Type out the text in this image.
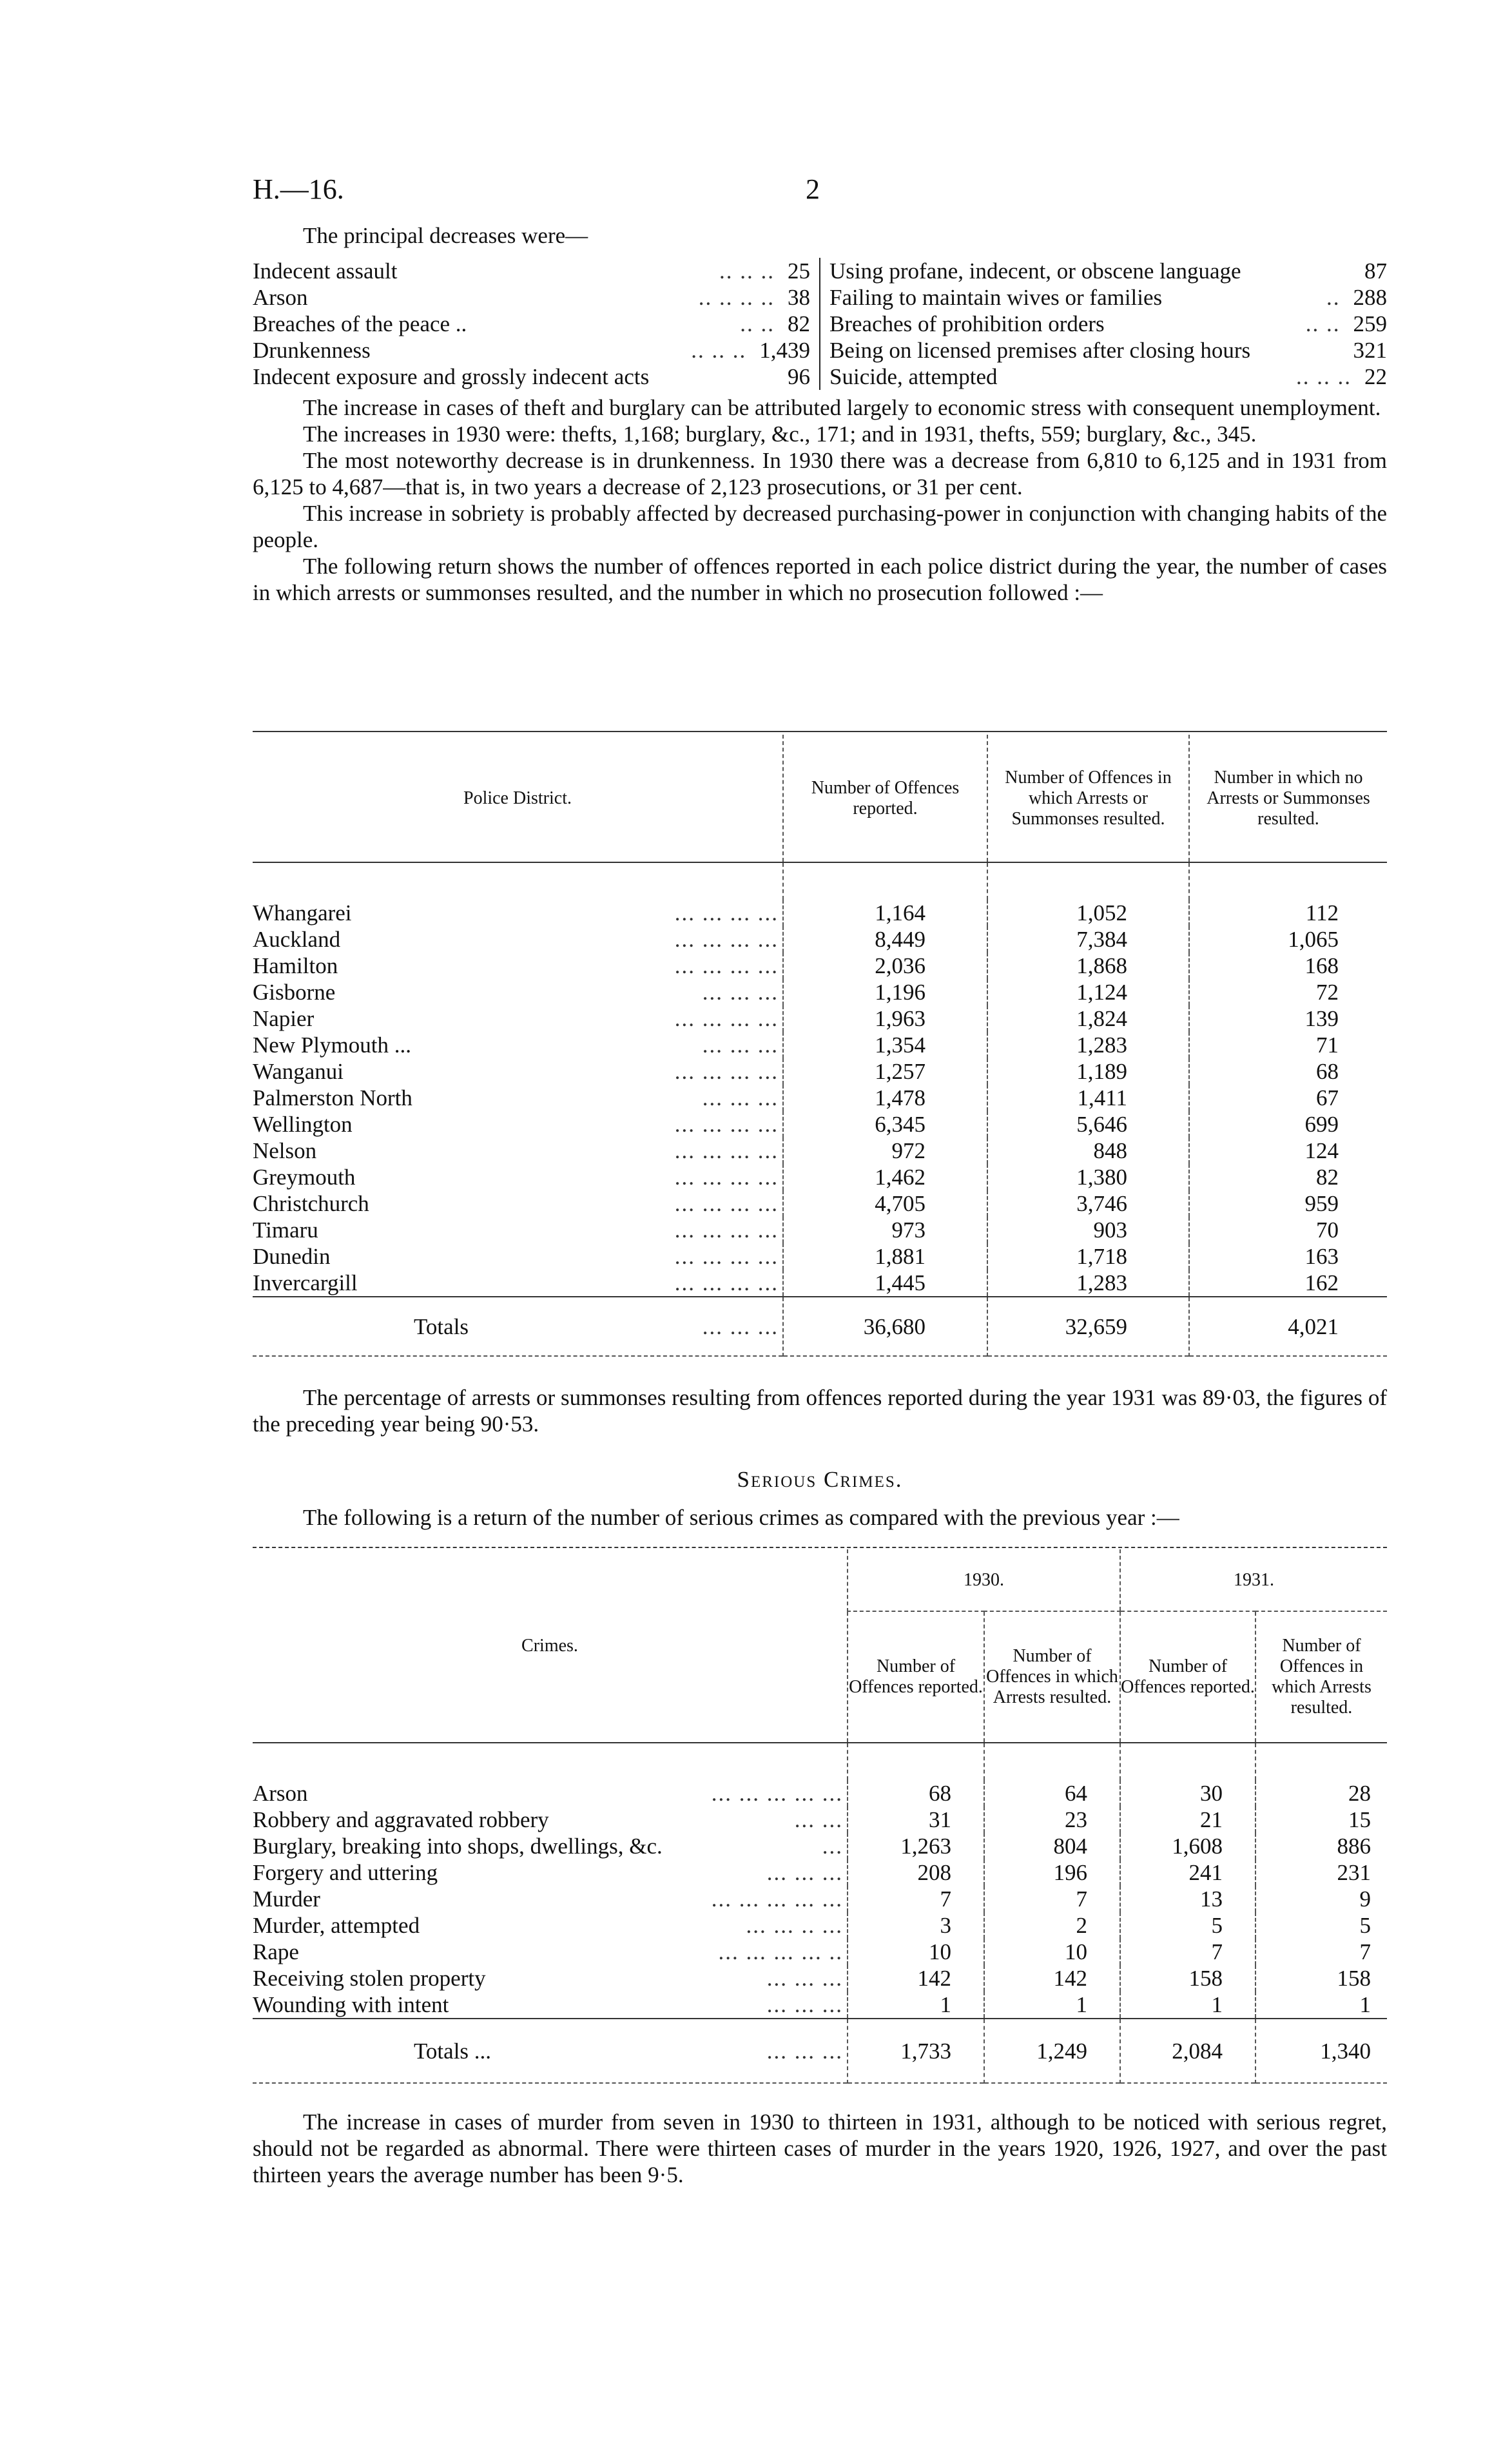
H.—16.	2
The principal decreases were—
Indecent assault	.. .. .. 25
Arson	.. .. .. .. 38
Breaches of the peace ..	.. .. 82
Drunkenness	.. .. .. 1,439
Indecent exposure and grossly indecent acts	96
Using profane, indecent, or obscene language	87
Failing to maintain wives or families	.. 288
Breaches of prohibition orders	.. .. 259
Being on licensed premises after closing hours	321
Suicide, attempted	.. .. .. 22

The increase in cases of theft and burglary can be attributed largely to economic stress with consequent unemployment.

The increases in 1930 were: thefts, 1,168; burglary, &c., 171; and in 1931, thefts, 559; burglary, &c., 345.

The most noteworthy decrease is in drunkenness. In 1930 there was a decrease from 6,810 to 6,125 and in 1931 from 6,125 to 4,687—that is, in two years a decrease of 2,123 prosecutions, or 31 per cent.

This increase in sobriety is probably affected by decreased purchasing-power in conjunction with changing habits of the people.

The following return shows the number of offences reported in each police district during the year, the number of cases in which arrests or summonses resulted, and the number in which no prosecution followed :—

Police District.	Number of Offences reported.	Number of Offences in which Arrests or Summonses resulted.	Number in which no Arrests or Summonses resulted.

Whangarei ... ... ... ...	1,164	1,052	112
Auckland ... ... ... ...	8,449	7,384	1,065
Hamilton ... ... ... ...	2,036	1,868	168
Gisborne ... ... ...	1,196	1,124	72
Napier ... ... ... ...	1,963	1,824	139
New Plymouth ... ... ... ...	1,354	1,283	71
Wanganui ... ... ... ...	1,257	1,189	68
Palmerston North ... ... ...	1,478	1,411	67
Wellington ... ... ... ...	6,345	5,646	699
Nelson ... ... ... ...	972	848	124
Greymouth ... ... ... ...	1,462	1,380	82
Christchurch ... ... ... ...	4,705	3,746	959
Timaru ... ... ... ...	973	903	70
Dunedin ... ... ... ...	1,881	1,718	163
Invercargill ... ... ... ...	1,445	1,283	162
Totals ... ... ...	36,680	32,659	4,021
The percentage of arrests or summonses resulting from offences reported during the year 1931 was 89·03, the figures of the preceding year being 90·53.
Serious Crimes.
The following is a return of the number of serious crimes as compared with the previous year :—
Crimes.	1930.		1931.	
	Number of Offences reported.	Number of Offences in which Arrests resulted.	Number of Offences reported.	Number of Offences in which Arrests resulted.

Arson ... ... ... ... ...	68	64	30	28
Robbery and aggravated robbery ... ...	31	23	21	15
Burglary, breaking into shops, dwellings, &c. ...	1,263	804	1,608	886
Forgery and uttering ... ... ...	208	196	241	231
Murder ... ... ... ... ...	7	7	13	9
Murder, attempted ... ... .. ...	3	2	5	5
Rape ... ... ... ... ..	10	10	7	7
Receiving stolen property ... ... ...	142	142	158	158
Wounding with intent ... ... ...	1	1	1	1
Totals ... ... ... ...	1,733	1,249	2,084	1,340
The increase in cases of murder from seven in 1930 to thirteen in 1931, although to be noticed with serious regret, should not be regarded as abnormal. There were thirteen cases of murder in the years 1920, 1926, 1927, and over the past thirteen years the average number has been 9·5.
